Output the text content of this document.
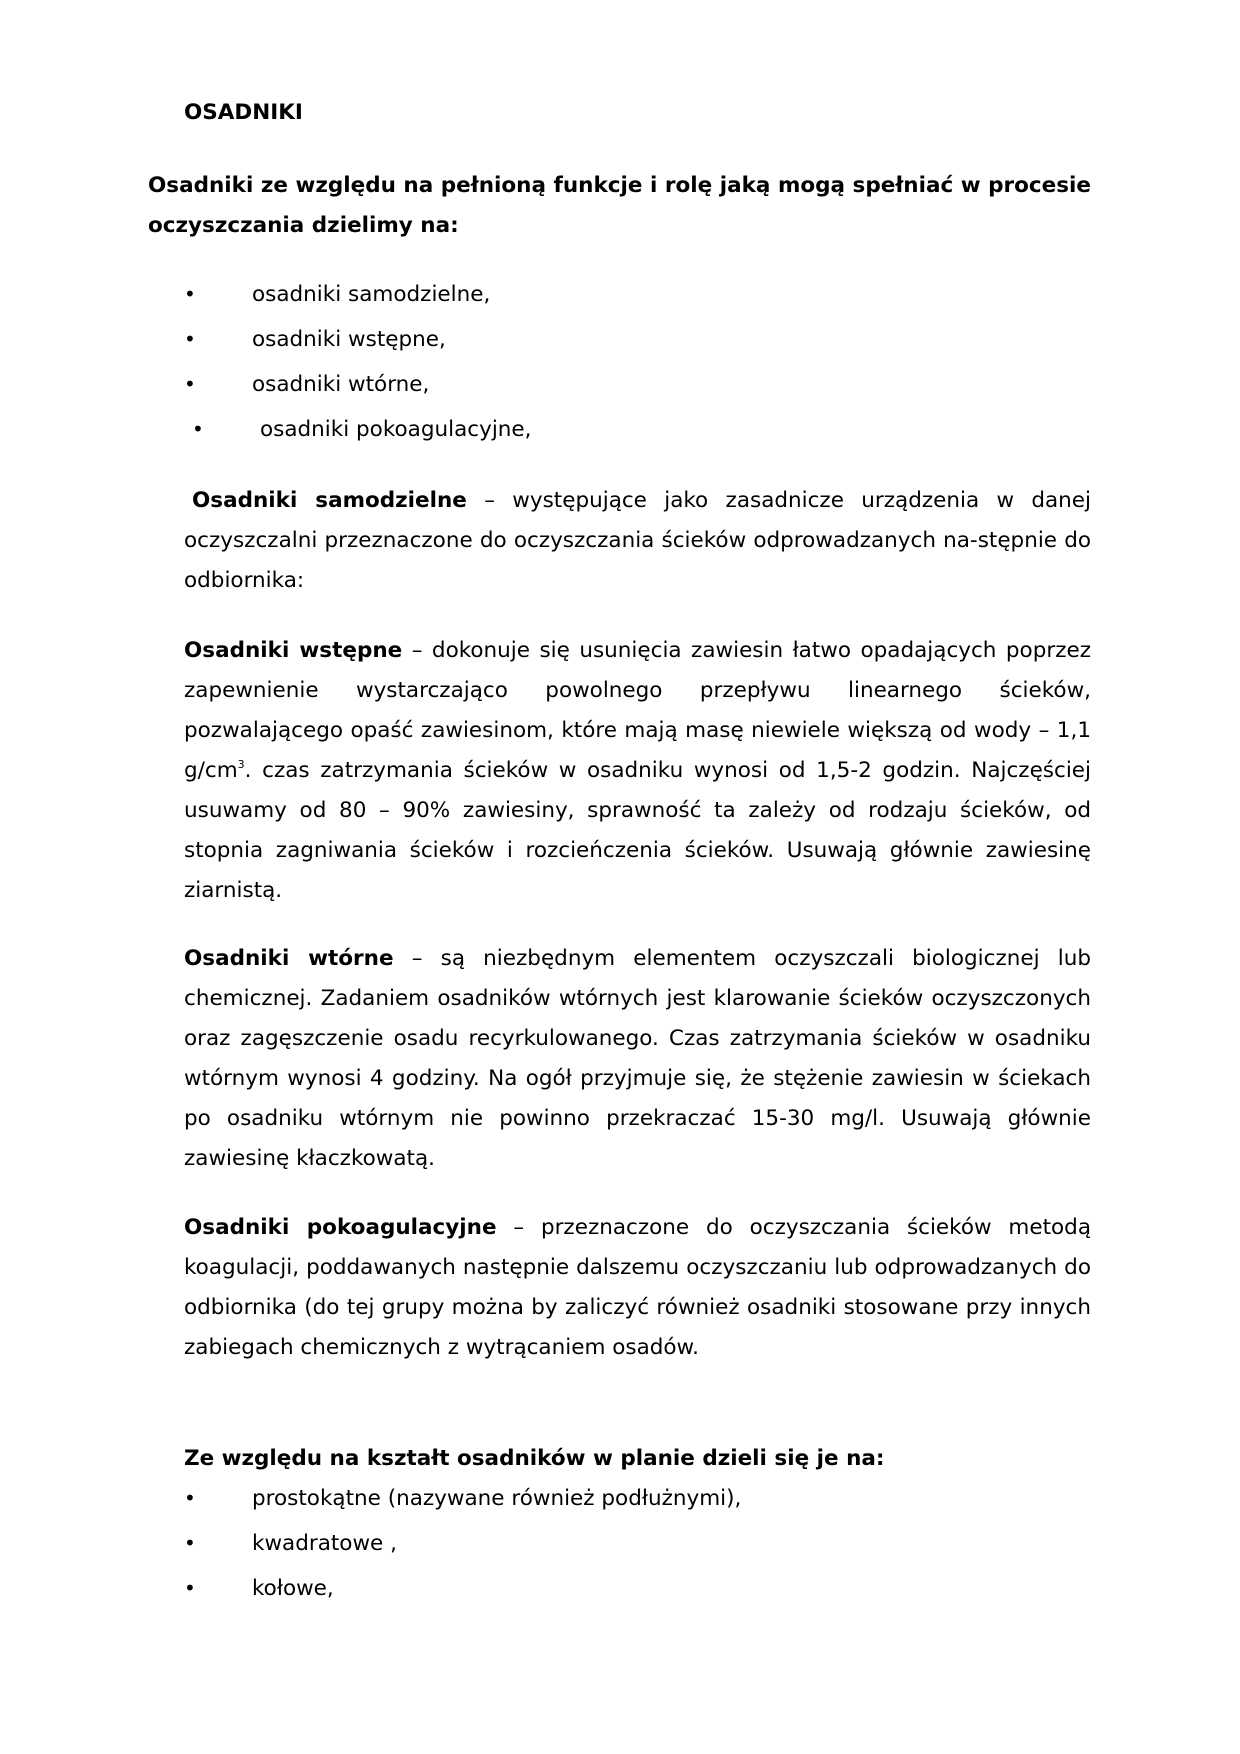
OSADNIKI
Osadniki ze względu na pełnioną funkcje i rolę jaką mogą spełniać w procesie oczyszczania dzielimy na:
•	osadniki samodzielne,
•	osadniki wstępne,
•	osadniki wtórne,
•	osadniki pokoagulacyjne,
Osadniki samodzielne – występujące jako zasadnicze urządzenia w danej oczyszczalni przeznaczone do oczyszczania ścieków odprowadzanych na-stępnie do odbiornika:
Osadniki wstępne – dokonuje się usunięcia zawiesin łatwo opadających poprzez zapewnienie wystarczająco powolnego przepływu linearnego ścieków, pozwalającego opaść zawiesinom, które mają masę niewiele większą od wody – 1,1 $g/cm^3$. czas zatrzymania ścieków w osadniku wynosi od 1,5-2 godzin. Najczęściej usuwamy od 80 – 90% zawiesiny, sprawność ta zależy od rodzaju ścieków, od stopnia zagniwania ścieków i rozcieńczenia ścieków. Usuwają głównie zawiesinę ziarnistą.
Osadniki wtórne – są niezbędnym elementem oczyszczali biologicznej lub chemicznej. Zadaniem osadników wtórnych jest klarowanie ścieków oczyszczonych oraz zagęszczenie osadu recyrkulowanego. Czas zatrzymania ścieków w osadniku wtórnym wynosi 4 godziny. Na ogół przyjmuje się, że stężenie zawiesin w ściekach po osadniku wtórnym nie powinno przekraczać 15-30 mg/l. Usuwają głównie zawiesinę kłaczkowatą.
Osadniki pokoagulacyjne – przeznaczone do oczyszczania ścieków metodą koagulacji, poddawanych następnie dalszemu oczyszczaniu lub odprowadzanych do odbiornika (do tej grupy można by zaliczyć również osadniki stosowane przy innych zabiegach chemicznych z wytrącaniem osadów.
Ze względu na kształt osadników w planie dzieli się je na:
•	prostokątne (nazywane również podłużnymi),
•	kwadratowe ,
•	kołowe,
